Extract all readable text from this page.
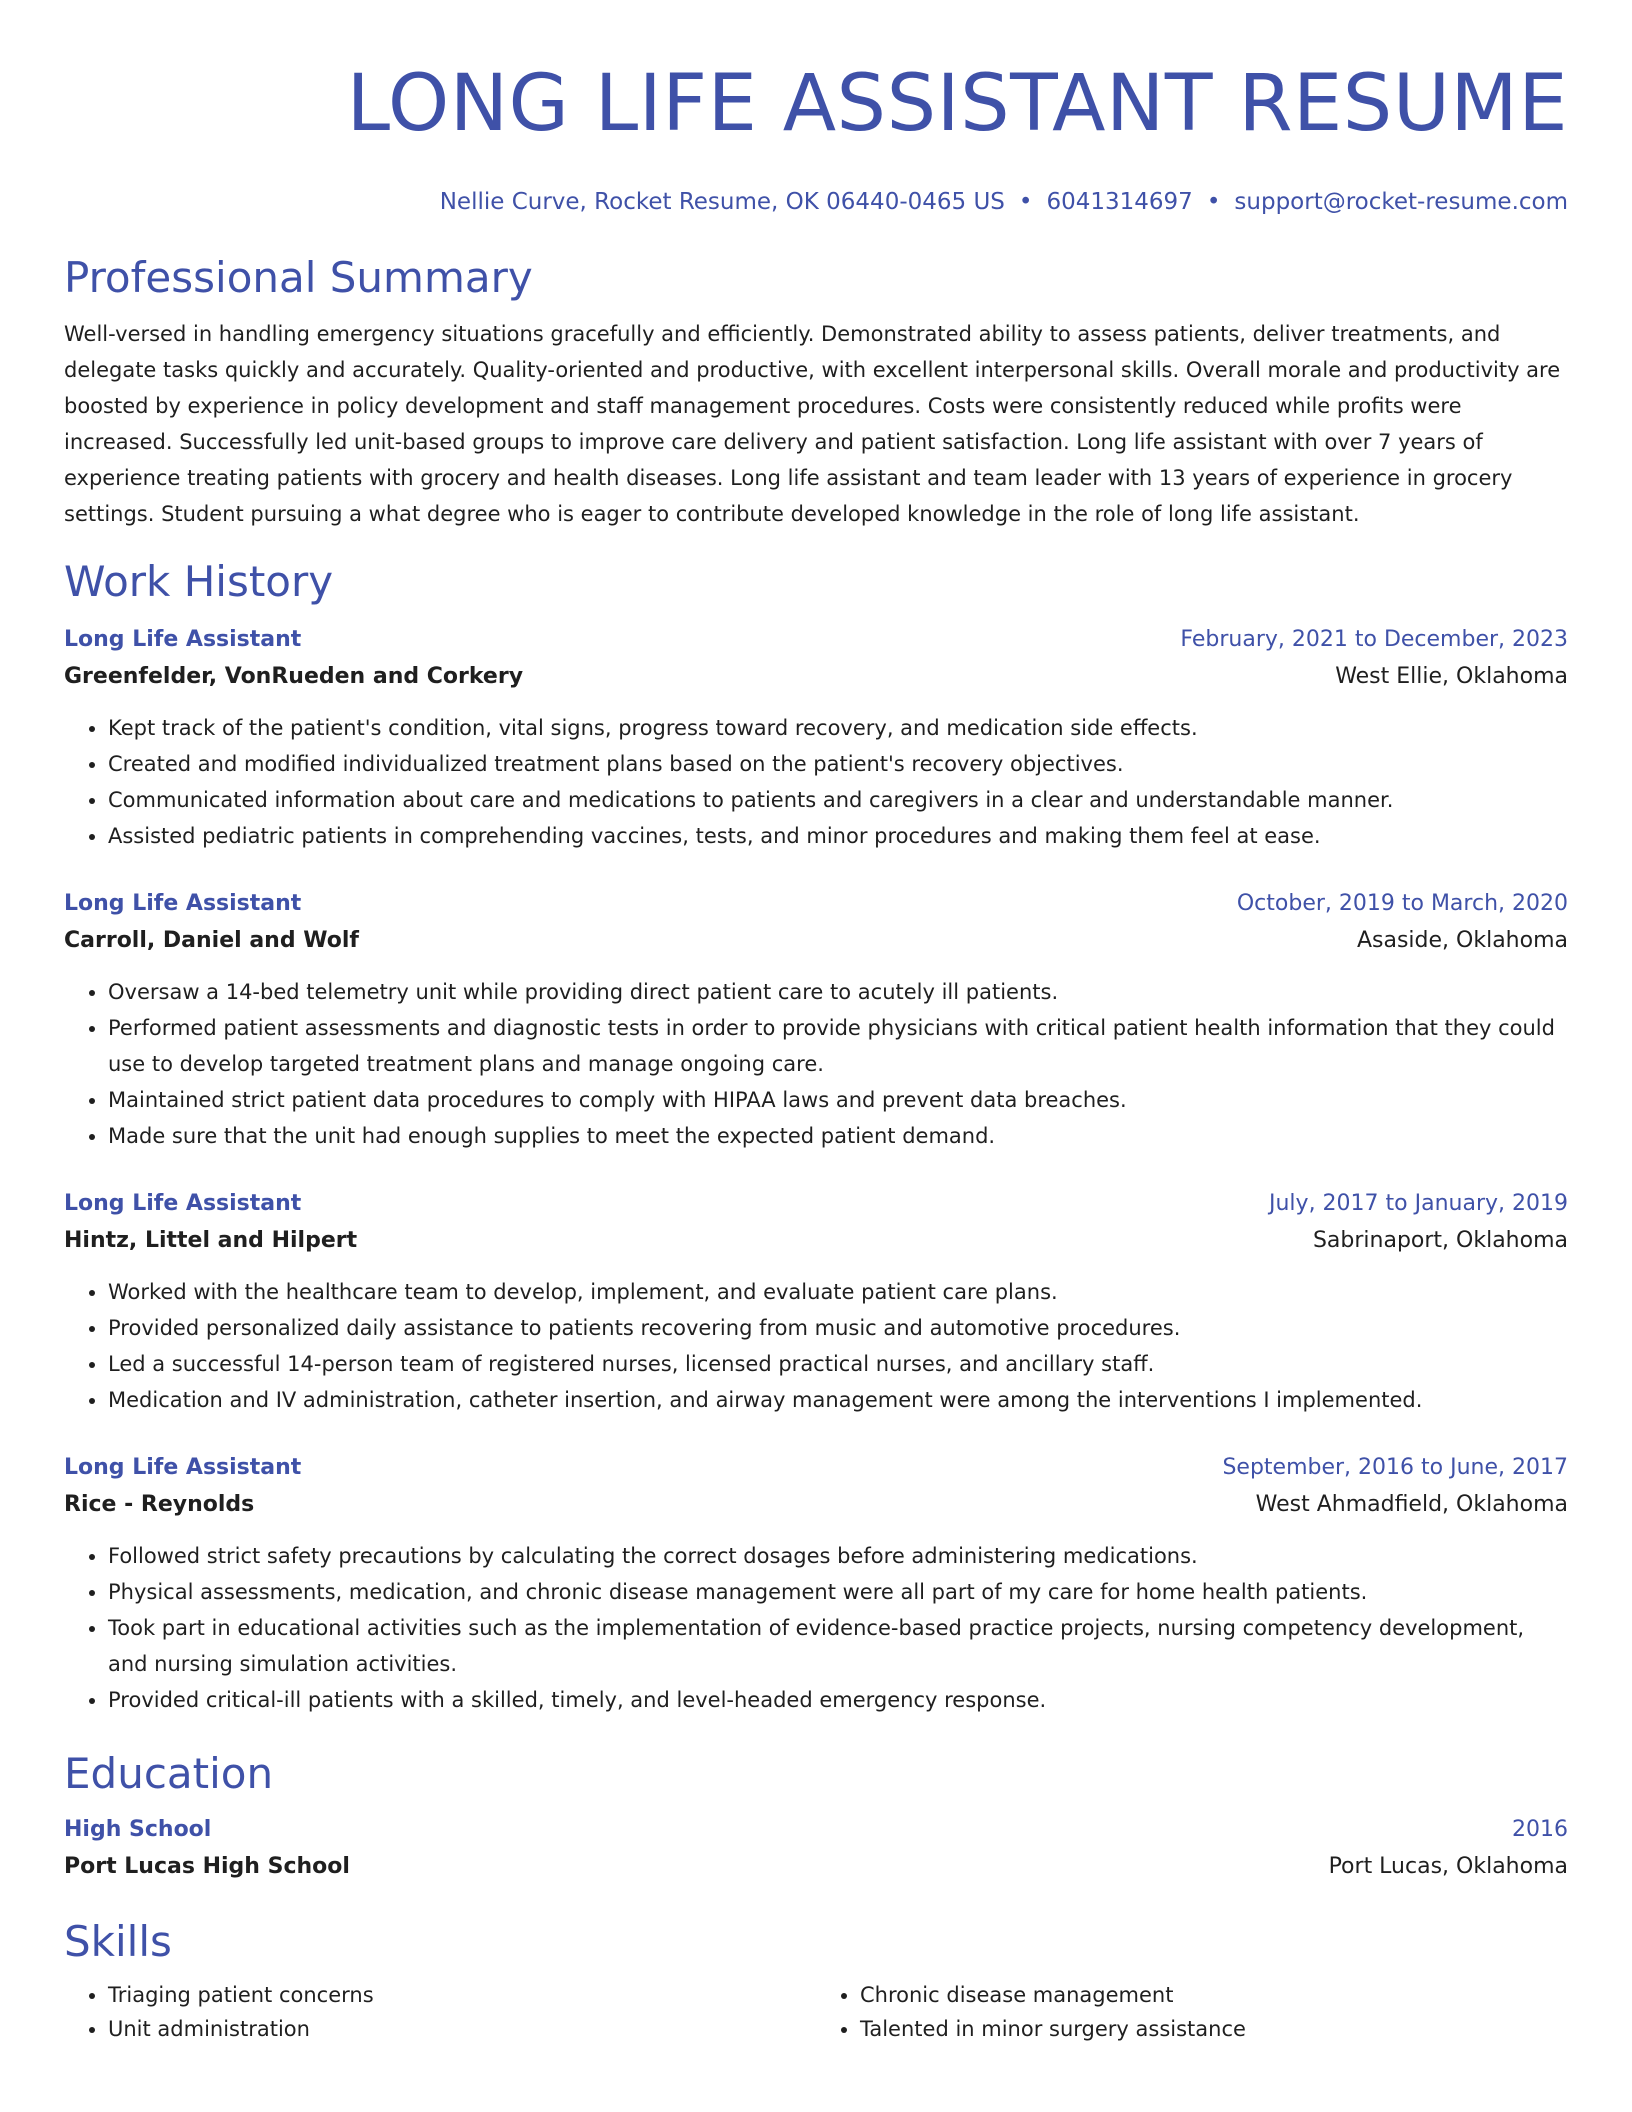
LONG LIFE ASSISTANT RESUME
Nellie Curve, Rocket Resume, OK 06440-0465 US • 6041314697 • support@rocket-resume.com
Professional Summary

Well-versed in handling emergency situations gracefully and efficiently. Demonstrated ability to assess patients, deliver treatments, and delegate tasks quickly and accurately. Quality-oriented and productive, with excellent interpersonal skills. Overall morale and productivity are boosted by experience in policy development and staff management procedures. Costs were consistently reduced while profits were increased. Successfully led unit-based groups to improve care delivery and patient satisfaction. Long life assistant with over 7 years of experience treating patients with grocery and health diseases. Long life assistant and team leader with 13 years of experience in grocery settings. Student pursuing a what degree who is eager to contribute developed knowledge in the role of long life assistant.

Work History
Long Life Assistant	February, 2021 to December, 2023
Greenfelder, VonRueden and Corkery	West Ellie, Oklahoma
• Kept track of the patient's condition, vital signs, progress toward recovery, and medication side effects.
• Created and modified individualized treatment plans based on the patient's recovery objectives.
• Communicated information about care and medications to patients and caregivers in a clear and understandable manner.
• Assisted pediatric patients in comprehending vaccines, tests, and minor procedures and making them feel at ease.
Long Life Assistant	October, 2019 to March, 2020
Carroll, Daniel and Wolf	Asaside, Oklahoma
• Oversaw a 14-bed telemetry unit while providing direct patient care to acutely ill patients.
• Performed patient assessments and diagnostic tests in order to provide physicians with critical patient health information that they could use to develop targeted treatment plans and manage ongoing care.
• Maintained strict patient data procedures to comply with HIPAA laws and prevent data breaches.
• Made sure that the unit had enough supplies to meet the expected patient demand.
Long Life Assistant	July, 2017 to January, 2019
Hintz, Littel and Hilpert	Sabrinaport, Oklahoma
• Worked with the healthcare team to develop, implement, and evaluate patient care plans.
• Provided personalized daily assistance to patients recovering from music and automotive procedures.
• Led a successful 14-person team of registered nurses, licensed practical nurses, and ancillary staff.
• Medication and IV administration, catheter insertion, and airway management were among the interventions I implemented.
Long Life Assistant	September, 2016 to June, 2017
Rice - Reynolds	West Ahmadfield, Oklahoma
• Followed strict safety precautions by calculating the correct dosages before administering medications.
• Physical assessments, medication, and chronic disease management were all part of my care for home health patients.
• Took part in educational activities such as the implementation of evidence-based practice projects, nursing competency development, and nursing simulation activities.
• Provided critical-ill patients with a skilled, timely, and level-headed emergency response.
Education
High School	2016
Port Lucas High School	Port Lucas, Oklahoma
Skills
• Triaging patient concerns
• Unit administration
• Chronic disease management
• Talented in minor surgery assistance
